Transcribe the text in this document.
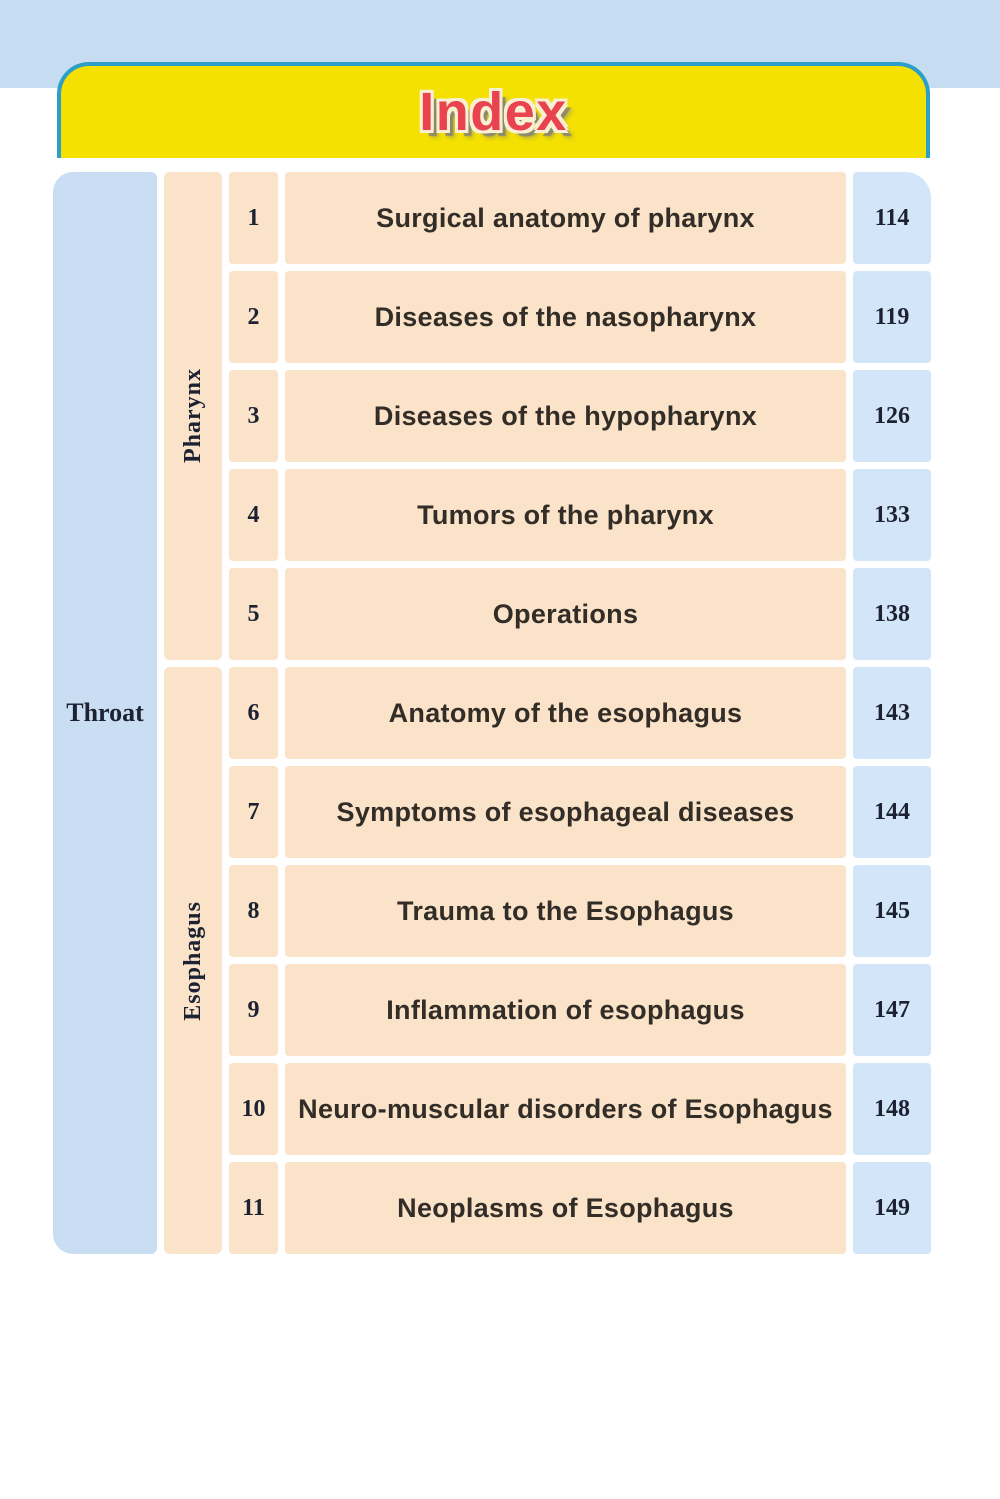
Index
Throat
Pharynx
Esophagus
1
2
3
4
5
6
7
8
9
10
11
Surgical anatomy of pharynx
Diseases of the nasopharynx
Diseases of the hypopharynx
Tumors of the pharynx
Operations
Anatomy of the esophagus
Symptoms of esophageal diseases
Trauma to the Esophagus
Inflammation of esophagus
Neuro-muscular disorders of Esophagus
Neoplasms of Esophagus
114
119
126
133
138
143
144
145
147
148
149
